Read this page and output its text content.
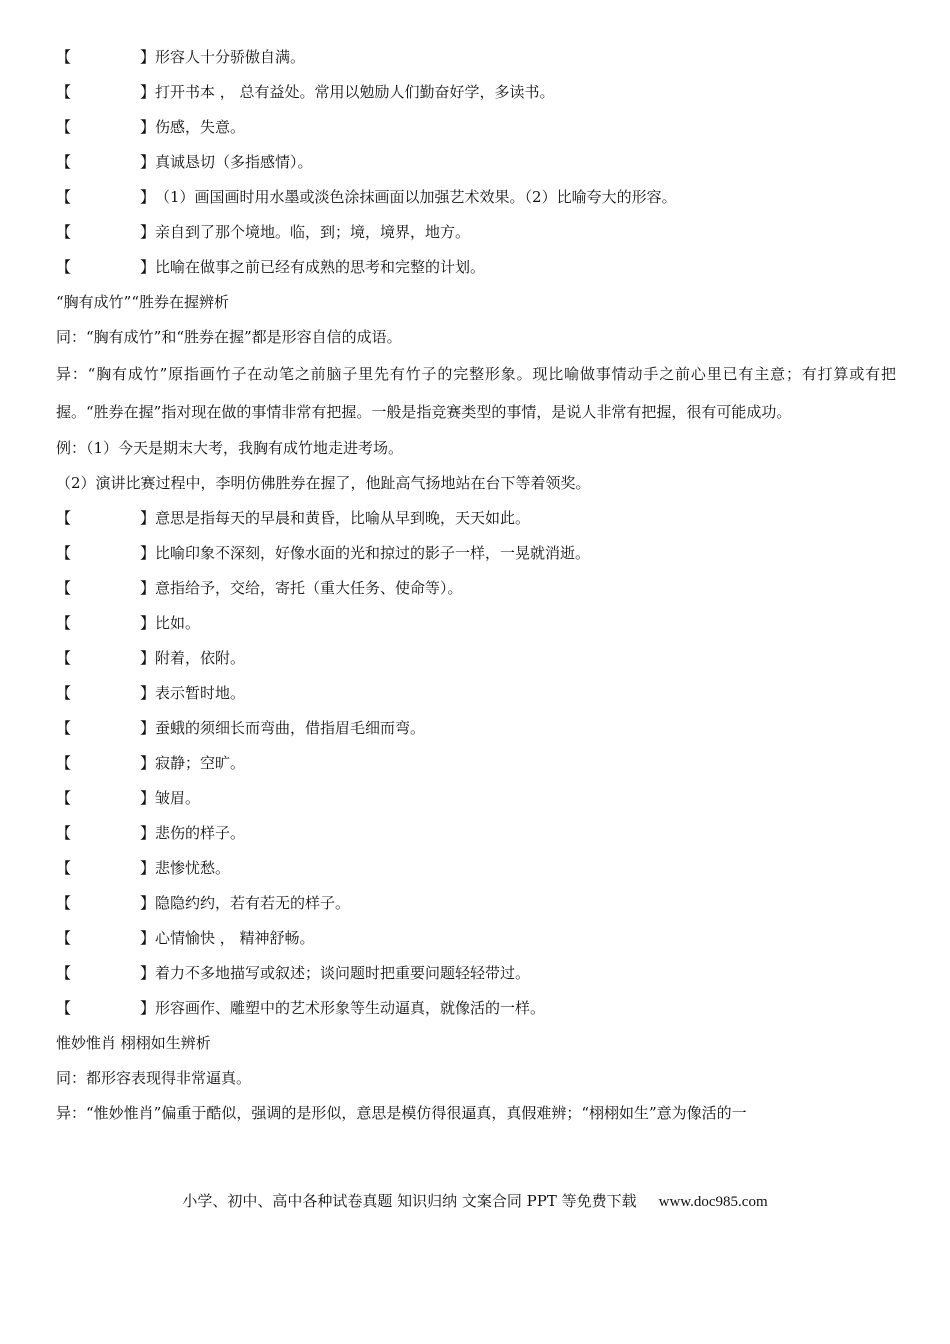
【	】形容人十分骄傲自满。
【	】打开书本 ， 总有益处。常用以勉励人们勤奋好学，多读书。
【	】伤感，失意。
【	】真诚恳切（多指感情）。
【	】（1）画国画时用水墨或淡色涂抹画面以加强艺术效果。（2）比喻夸大的形容。
【	】亲自到了那个境地。临，到；境，境界，地方。
【	】比喻在做事之前已经有成熟的思考和完整的计划。
“胸有成竹”“胜券在握辨析
同：“胸有成竹”和“胜券在握”都是形容自信的成语。
异：“胸有成竹”原指画竹子在动笔之前脑子里先有竹子的完整形象。现比喻做事情动手之前心里已有主意；有打算或有把握。“胜券在握”指对现在做的事情非常有把握。一般是指竞赛类型的事情，是说人非常有把握，很有可能成功。
例：（1）今天是期末大考，我胸有成竹地走进考场。
（2）演讲比赛过程中，李明仿佛胜券在握了，他趾高气扬地站在台下等着领奖。
【	】意思是指每天的早晨和黄昏，比喻从早到晚，天天如此。
【	】比喻印象不深刻，好像水面的光和掠过的影子一样，一晃就消逝。
【	】意指给予，交给，寄托（重大任务、使命等）。
【	】比如。
【	】附着，依附。
【	】表示暂时地。
【	】蚕蛾的须细长而弯曲，借指眉毛细而弯。
【	】寂静；空旷。
【	】皱眉。
【	】悲伤的样子。
【	】悲惨忧愁。
【	】隐隐约约，若有若无的样子。
【	】心情愉快 ， 精神舒畅。
【	】着力不多地描写或叙述；谈问题时把重要问题轻轻带过。
【	】形容画作、雕塑中的艺术形象等生动逼真，就像活的一样。
惟妙惟肖 栩栩如生辨析
同：都形容表现得非常逼真。
异：“惟妙惟肖”偏重于酷似，强调的是形似，意思是模仿得很逼真，真假难辨；“栩栩如生”意为像活的一
小学、初中、高中各种试卷真题 知识归纳 文案合同 PPT 等免费下载 www.doc985.com
